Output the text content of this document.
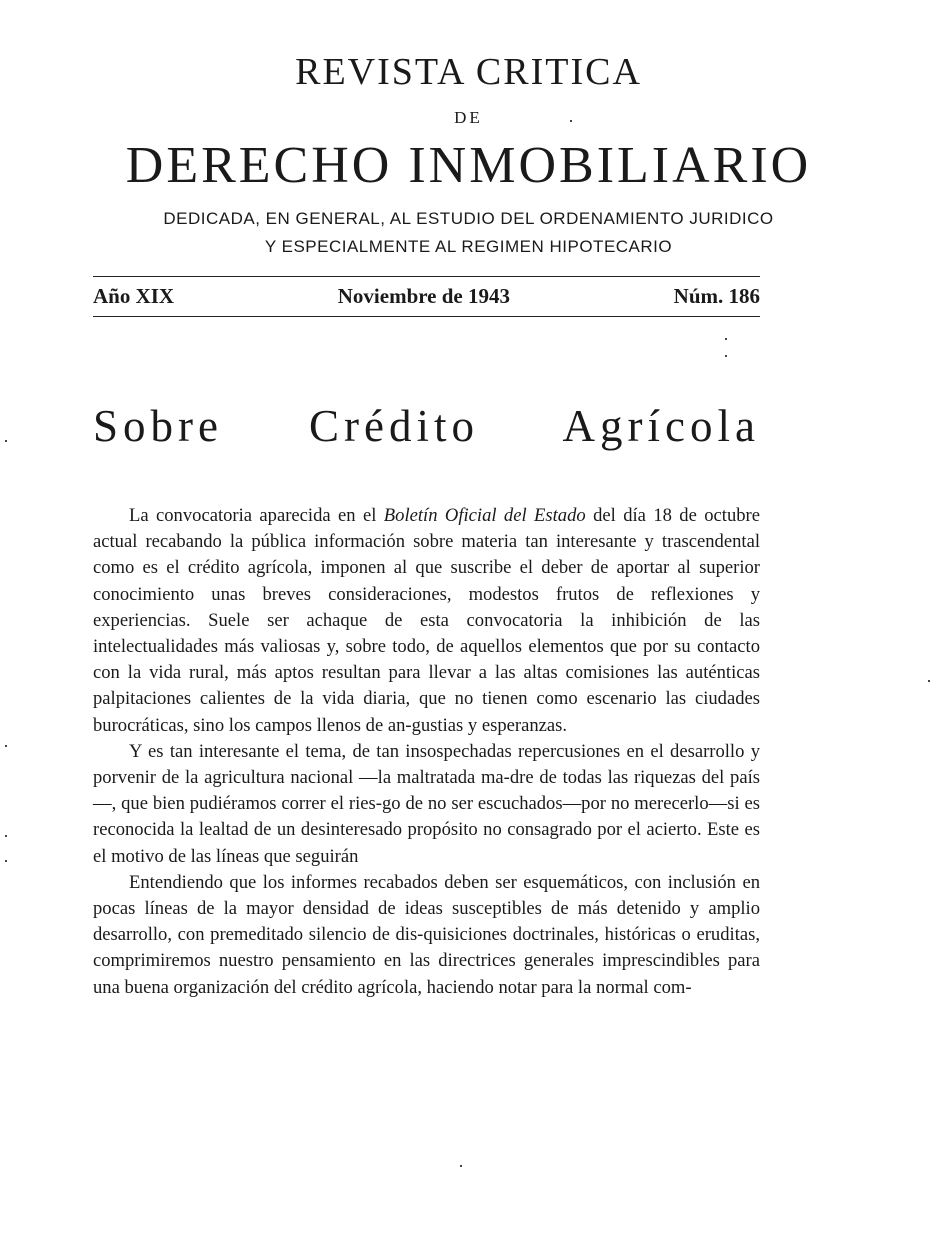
REVISTA CRITICA
DE
DERECHO INMOBILIARIO
DEDICADA, EN GENERAL, AL ESTUDIO DEL ORDENAMIENTO JURIDICO
Y ESPECIALMENTE AL REGIMEN HIPOTECARIO
Año XIX	Noviembre de 1943	Núm. 186
Sobre Crédito Agrícola

La convocatoria aparecida en el Boletín Oficial del Estado del día 18 de octubre actual recabando la pública información sobre materia tan interesante y trascendental como es el crédito agrícola, imponen al que suscribe el deber de aportar al superior conocimiento unas breves consideraciones, modestos frutos de reflexiones y experiencias. Suele ser achaque de esta convocatoria la inhibición de las intelectualidades más valiosas y, sobre todo, de aquellos elementos que por su contacto con la vida rural, más aptos resultan para llevar a las altas comisiones las auténticas palpitaciones calientes de la vida diaria, que no tienen como escenario las ciudades burocráticas, sino los campos llenos de an-gustias y esperanzas.

Y es tan interesante el tema, de tan insospechadas repercusiones en el desarrollo y porvenir de la agricultura nacional —la maltratada ma-dre de todas las riquezas del país—, que bien pudiéramos correr el ries-go de no ser escuchados—por no merecerlo—si es reconocida la lealtad de un desinteresado propósito no consagrado por el acierto. Este es el motivo de las líneas que seguirán

Entendiendo que los informes recabados deben ser esquemáticos, con inclusión en pocas líneas de la mayor densidad de ideas susceptibles de más detenido y amplio desarrollo, con premeditado silencio de dis-quisiciones doctrinales, históricas o eruditas, comprimiremos nuestro pensamiento en las directrices generales imprescindibles para una buena organización del crédito agrícola, haciendo notar para la normal com-
